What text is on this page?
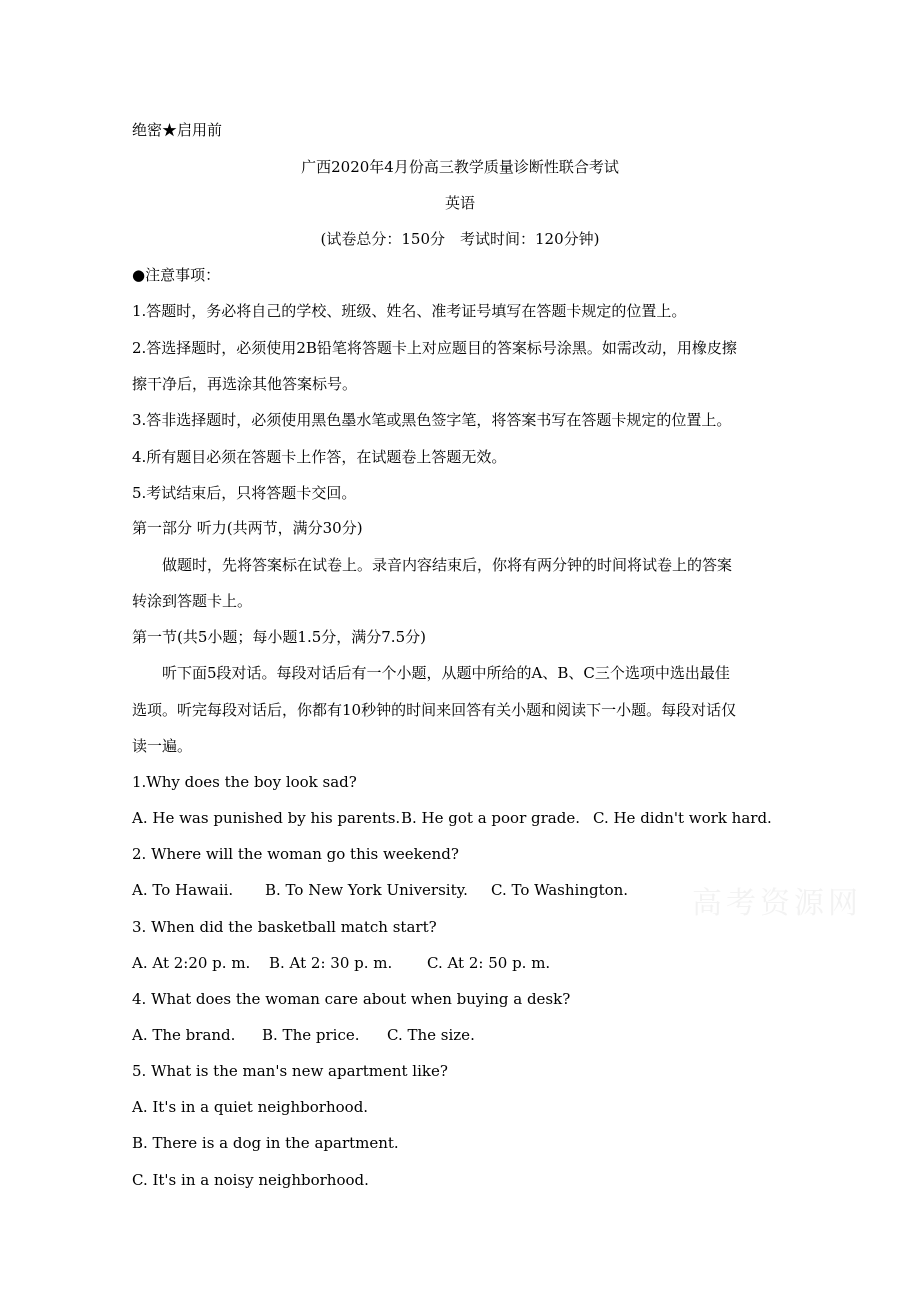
绝密★启用前
广西2020年4月份高三教学质量诊断性联合考试
英语
(试卷总分：150分　考试时间：120分钟)
●注意事项：
1.答题时，务必将自己的学校、班级、姓名、准考证号填写在答题卡规定的位置上。
2.答选择题时，必须使用2B铅笔将答题卡上对应题目的答案标号涂黑。如需改动，用橡皮擦
擦干净后，再选涂其他答案标号。
3.答非选择题时，必须使用黑色墨水笔或黑色签字笔，将答案书写在答题卡规定的位置上。
4.所有题目必须在答题卡上作答，在试题卷上答题无效。
5.考试结束后，只将答题卡交回。
第一部分 听力(共两节，满分30分)
做题时，先将答案标在试卷上。录音内容结束后，你将有两分钟的时间将试卷上的答案
转涂到答题卡上。
第一节(共5小题；每小题1.5分，满分7.5分)
听下面5段对话。每段对话后有一个小题，从题中所给的A、B、C三个选项中选出最佳
选项。听完每段对话后，你都有10秒钟的时间来回答有关小题和阅读下一小题。每段对话仅
读一遍。
1.Why does the boy look sad?
A. He was punished by his parents. B. He got a poor grade. C. He didn't work hard.
2. Where will the woman go this weekend?
A. To Hawaii. B. To New York University. C. To Washington.
3. When did the basketball match start?
A. At 2:20 p. m. B. At 2: 30 p. m. C. At 2: 50 p. m.
4. What does the woman care about when buying a desk?
A. The brand. B. The price. C. The size.
5. What is the man's new apartment like?
A. It's in a quiet neighborhood.
B. There is a dog in the apartment.
C. It's in a noisy neighborhood.
高考资源网
